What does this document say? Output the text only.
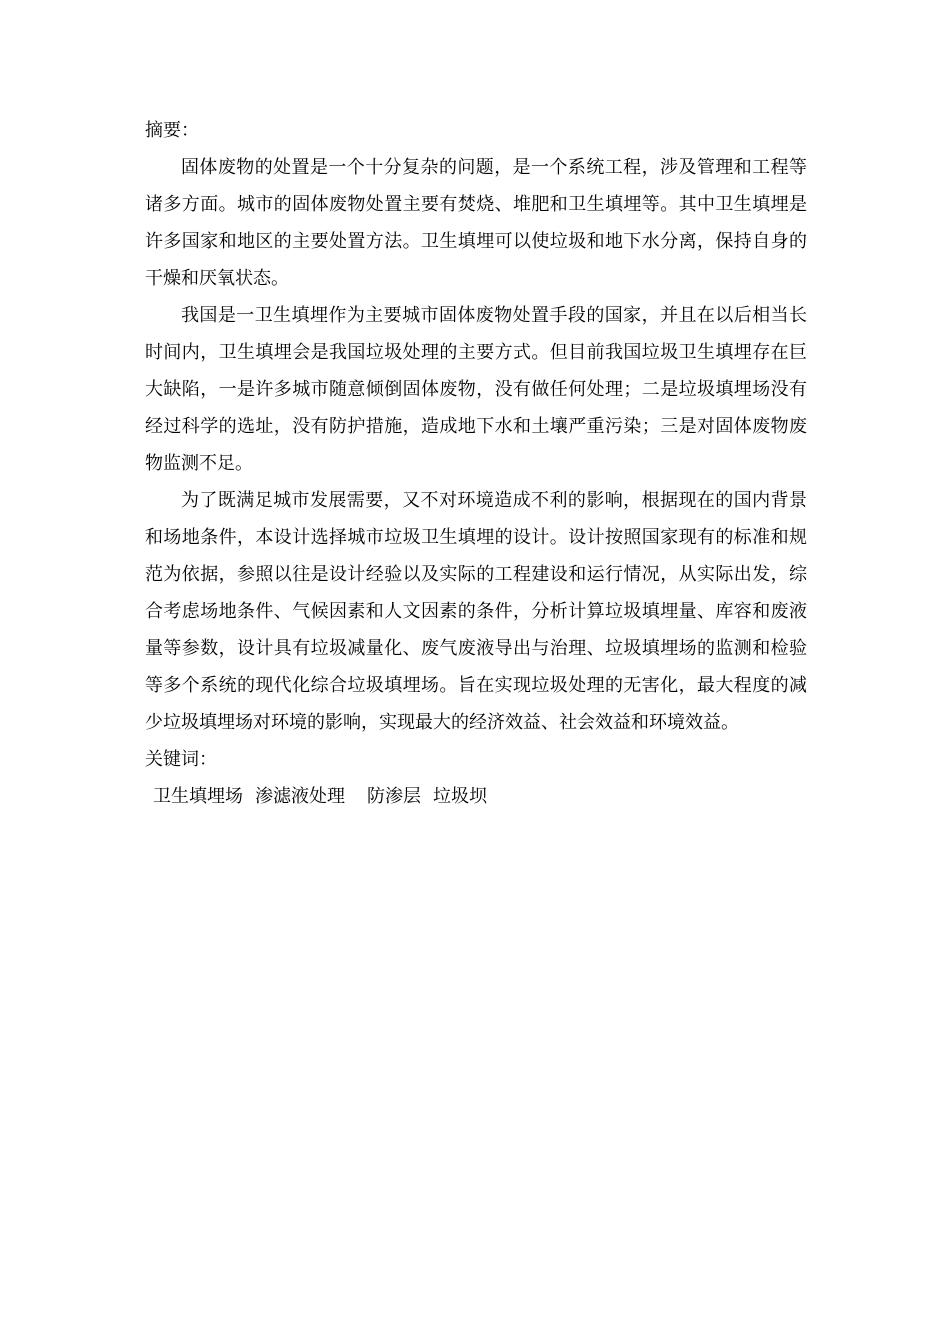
摘要：

固体废物的处置是一个十分复杂的问题，是一个系统工程，涉及管理和工程等诸多方面。城市的固体废物处置主要有焚烧、堆肥和卫生填埋等。其中卫生填埋是许多国家和地区的主要处置方法。卫生填埋可以使垃圾和地下水分离，保持自身的干燥和厌氧状态。

我国是一卫生填埋作为主要城市固体废物处置手段的国家，并且在以后相当长时间内，卫生填埋会是我国垃圾处理的主要方式。但目前我国垃圾卫生填埋存在巨大缺陷，一是许多城市随意倾倒固体废物，没有做任何处理；二是垃圾填埋场没有经过科学的选址，没有防护措施，造成地下水和土壤严重污染；三是对固体废物废物监测不足。

为了既满足城市发展需要，又不对环境造成不利的影响，根据现在的国内背景和场地条件，本设计选择城市垃圾卫生填埋的设计。设计按照国家现有的标准和规范为依据，参照以往是设计经验以及实际的工程建设和运行情况，从实际出发，综合考虑场地条件、气候因素和人文因素的条件，分析计算垃圾填埋量、库容和废液量等参数，设计具有垃圾减量化、废气废液导出与治理、垃圾填埋场的监测和检验等多个系统的现代化综合垃圾填埋场。旨在实现垃圾处理的无害化，最大程度的减少垃圾填埋场对环境的影响，实现最大的经济效益、社会效益和环境效益。

关键词：
卫生填埋场 渗滤液处理 防渗层 垃圾坝
